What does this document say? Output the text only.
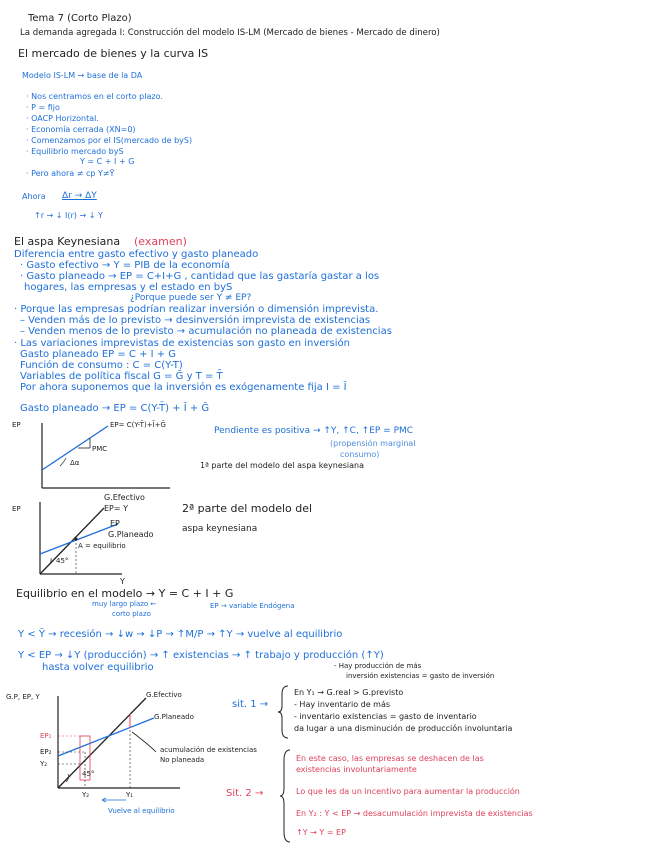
Tema 7 (Corto Plazo)
La demanda agregada I: Construcción del modelo IS-LM (Mercado de bienes - Mercado de dinero)
El mercado de bienes y la curva IS
Modelo IS-LM → base de la DA
· Nos centramos en el corto plazo.
· P = fijo
· OACP Horizontal.
· Economía cerrada (XN=0)
· Comenzamos por el IS(mercado de byS)
· Equilibrio mercado byS
Y = C + I + G
· Pero ahora ≠ cp Y≠Ȳ
Ahora Δr → ΔY
↑r → ↓ I(r) → ↓ Y
El aspa Keynesiana (examen)
Diferencia entre gasto efectivo y gasto planeado
· Gasto efectivo → Y = PIB de la economía
· Gasto planeado → EP = C+I+G , cantidad que las gastaría gastar a los
hogares, las empresas y el estado en byS
¿Porque puede ser Y ≠ EP?
· Porque las empresas podrían realizar inversión o dimensión imprevista.
– Venden más de lo previsto → desinversión imprevista de existencias
– Venden menos de lo previsto → acumulación no planeada de existencias
· Las variaciones imprevistas de existencias son gasto en inversión
Gasto planeado EP = C + I + G
Función de consumo : C = C(Y-T)
Variables de política fiscal G = Ḡ y T = T̄
Por ahora suponemos que la inversión es exógenamente fija I = Ī
Gasto planeado → EP = C(Y-T̄) + Ī + Ḡ
EP	EP= C(Y-T̄)+Ī+Ḡ
PMC
Δα
Pendiente es positiva → ↑Y, ↑C, ↑EP = PMC
(propensión marginal
consumo)
1ª parte del modelo del aspa keynesiana
EP
Y
G.Efectivo
EP= Y
EP
G.Planeado
A = equilibrio
45°
2ª parte del modelo del
aspa keynesiana
Equilibrio en el modelo → Y = C + I + G
muy largo plazo ←
corto plazo
EP → variable Endógena
Y < Ȳ → recesión → ↓w → ↓P → ↑M/P → ↑Y → vuelve al equilibrio
Y < EP → ↓Y (producción) → ↑ existencias → ↑ trabajo y producción (↑Y)
hasta volver equilibrio	- Hay producción de más
inversión existencias = gasto de inversión
G.P, EP, Y
EP₁
EP₂
Y₂
Y₂	Y₁
G.Efectivo
G.Planeado
acumulación de existencias
No planeada
45°
Vuelve al equilibrio
sit. 1 →
En Y₁ → G.real > G.previsto
- Hay inventario de más
- inventario existencias = gasto de inventario
da lugar a una disminución de producción involuntaria
Sit. 2 →
En este caso, las empresas se deshacen de las
existencias involuntariamente
Lo que les da un incentivo para aumentar la producción
En Y₂ : Y < EP → desacumulación imprevista de existencias
↑Y → Y = EP
